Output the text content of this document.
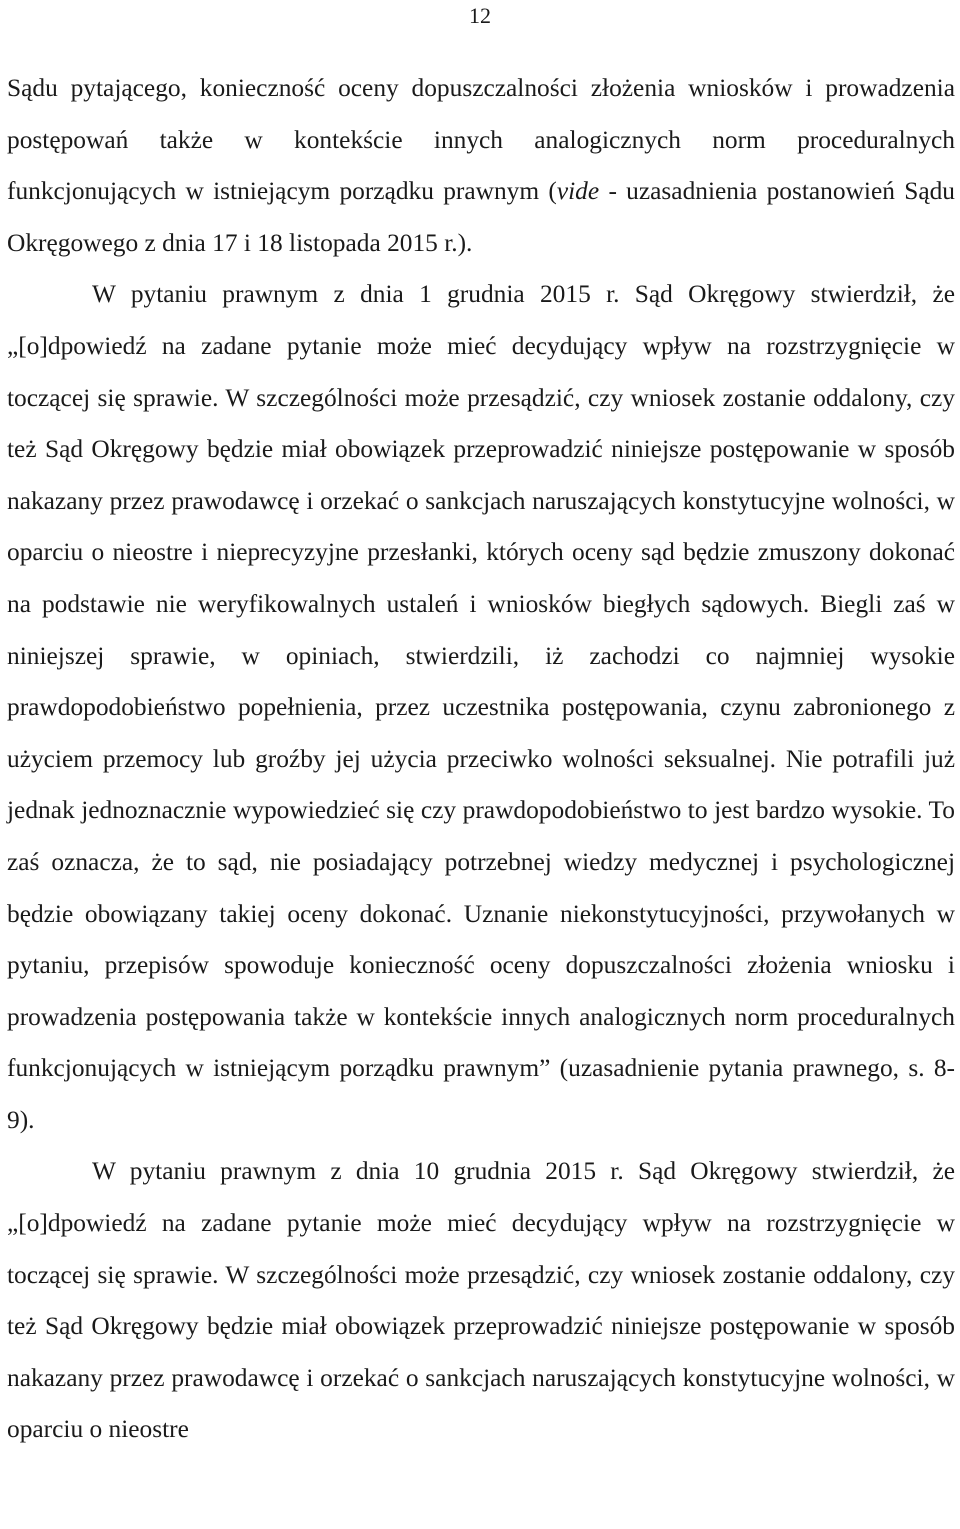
12

Sądu pytającego, konieczność oceny dopuszczalności złożenia wniosków i prowadzenia postępowań także w kontekście innych analogicznych norm proceduralnych funkcjonujących w istniejącym porządku prawnym (vide - uzasadnienia postanowień Sądu Okręgowego z dnia 17 i 18 listopada 2015 r.).

W pytaniu prawnym z dnia 1 grudnia 2015 r. Sąd Okręgowy stwierdził, że „[o]dpowiedź na zadane pytanie może mieć decydujący wpływ na rozstrzygnięcie w toczącej się sprawie. W szczególności może przesądzić, czy wniosek zostanie oddalony, czy też Sąd Okręgowy będzie miał obowiązek przeprowadzić niniejsze postępowanie w sposób nakazany przez prawodawcę i orzekać o sankcjach naruszających konstytucyjne wolności, w oparciu o nieostre i nieprecyzyjne przesłanki, których oceny sąd będzie zmuszony dokonać na podstawie nie weryfikowalnych ustaleń i wniosków biegłych sądowych. Biegli zaś w niniejszej sprawie, w opiniach, stwierdzili, iż zachodzi co najmniej wysokie prawdopodobieństwo popełnienia, przez uczestnika postępowania, czynu zabronionego z użyciem przemocy lub groźby jej użycia przeciwko wolności seksualnej. Nie potrafili już jednak jednoznacznie wypowiedzieć się czy prawdopodobieństwo to jest bardzo wysokie. To zaś oznacza, że to sąd, nie posiadający potrzebnej wiedzy medycznej i psychologicznej będzie obowiązany takiej oceny dokonać. Uznanie niekonstytucyjności, przywołanych w pytaniu, przepisów spowoduje konieczność oceny dopuszczalności złożenia wniosku i prowadzenia postępowania także w kontekście innych analogicznych norm proceduralnych funkcjonujących w istniejącym porządku prawnym” (uzasadnienie pytania prawnego, s. 8-9).

W pytaniu prawnym z dnia 10 grudnia 2015 r. Sąd Okręgowy stwierdził, że „[o]dpowiedź na zadane pytanie może mieć decydujący wpływ na rozstrzygnięcie w toczącej się sprawie. W szczególności może przesądzić, czy wniosek zostanie oddalony, czy też Sąd Okręgowy będzie miał obowiązek przeprowadzić niniejsze postępowanie w sposób nakazany przez prawodawcę i orzekać o sankcjach naruszających konstytucyjne wolności, w oparciu o nieostre
